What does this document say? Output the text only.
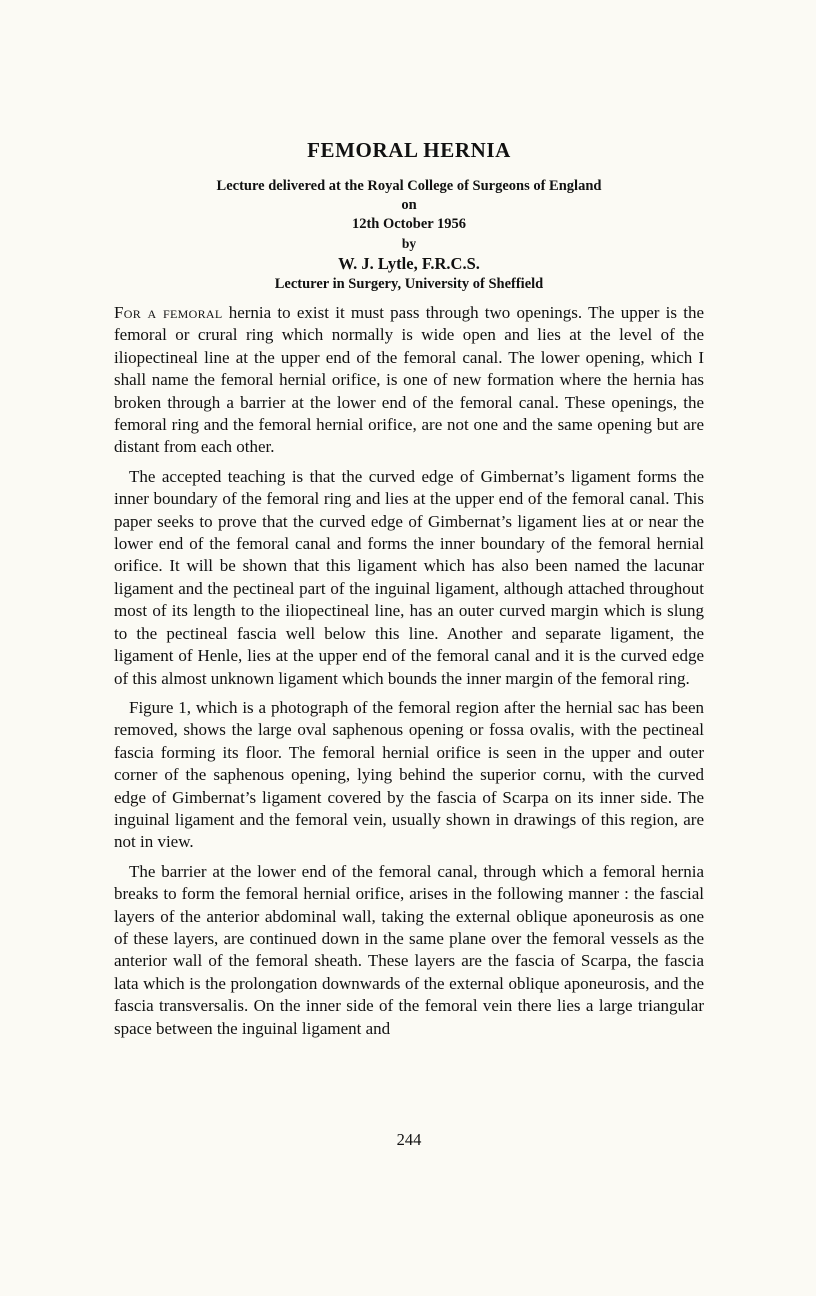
FEMORAL HERNIA

Lecture delivered at the Royal College of Surgeons of England

on

12th October 1956

by

W. J. Lytle, F.R.C.S.

Lecturer in Surgery, University of Sheffield

For a femoral hernia to exist it must pass through two openings. The upper is the femoral or crural ring which normally is wide open and lies at the level of the iliopectineal line at the upper end of the femoral canal. The lower opening, which I shall name the femoral hernial orifice, is one of new formation where the hernia has broken through a barrier at the lower end of the femoral canal. These openings, the femoral ring and the femoral hernial orifice, are not one and the same opening but are distant from each other.

The accepted teaching is that the curved edge of Gimbernat’s ligament forms the inner boundary of the femoral ring and lies at the upper end of the femoral canal. This paper seeks to prove that the curved edge of Gimbernat’s ligament lies at or near the lower end of the femoral canal and forms the inner boundary of the femoral hernial orifice. It will be shown that this ligament which has also been named the lacunar ligament and the pectineal part of the inguinal ligament, although attached throughout most of its length to the iliopectineal line, has an outer curved margin which is slung to the pectineal fascia well below this line. Another and separate ligament, the ligament of Henle, lies at the upper end of the femoral canal and it is the curved edge of this almost unknown ligament which bounds the inner margin of the femoral ring.

Figure 1, which is a photograph of the femoral region after the hernial sac has been removed, shows the large oval saphenous opening or fossa ovalis, with the pectineal fascia forming its floor. The femoral hernial orifice is seen in the upper and outer corner of the saphenous opening, lying behind the superior cornu, with the curved edge of Gimbernat’s ligament covered by the fascia of Scarpa on its inner side. The inguinal ligament and the femoral vein, usually shown in drawings of this region, are not in view.

The barrier at the lower end of the femoral canal, through which a femoral hernia breaks to form the femoral hernial orifice, arises in the following manner : the fascial layers of the anterior abdominal wall, taking the external oblique aponeurosis as one of these layers, are continued down in the same plane over the femoral vessels as the anterior wall of the femoral sheath. These layers are the fascia of Scarpa, the fascia lata which is the prolongation downwards of the external oblique aponeurosis, and the fascia transversalis. On the inner side of the femoral vein there lies a large triangular space between the inguinal ligament and

244
